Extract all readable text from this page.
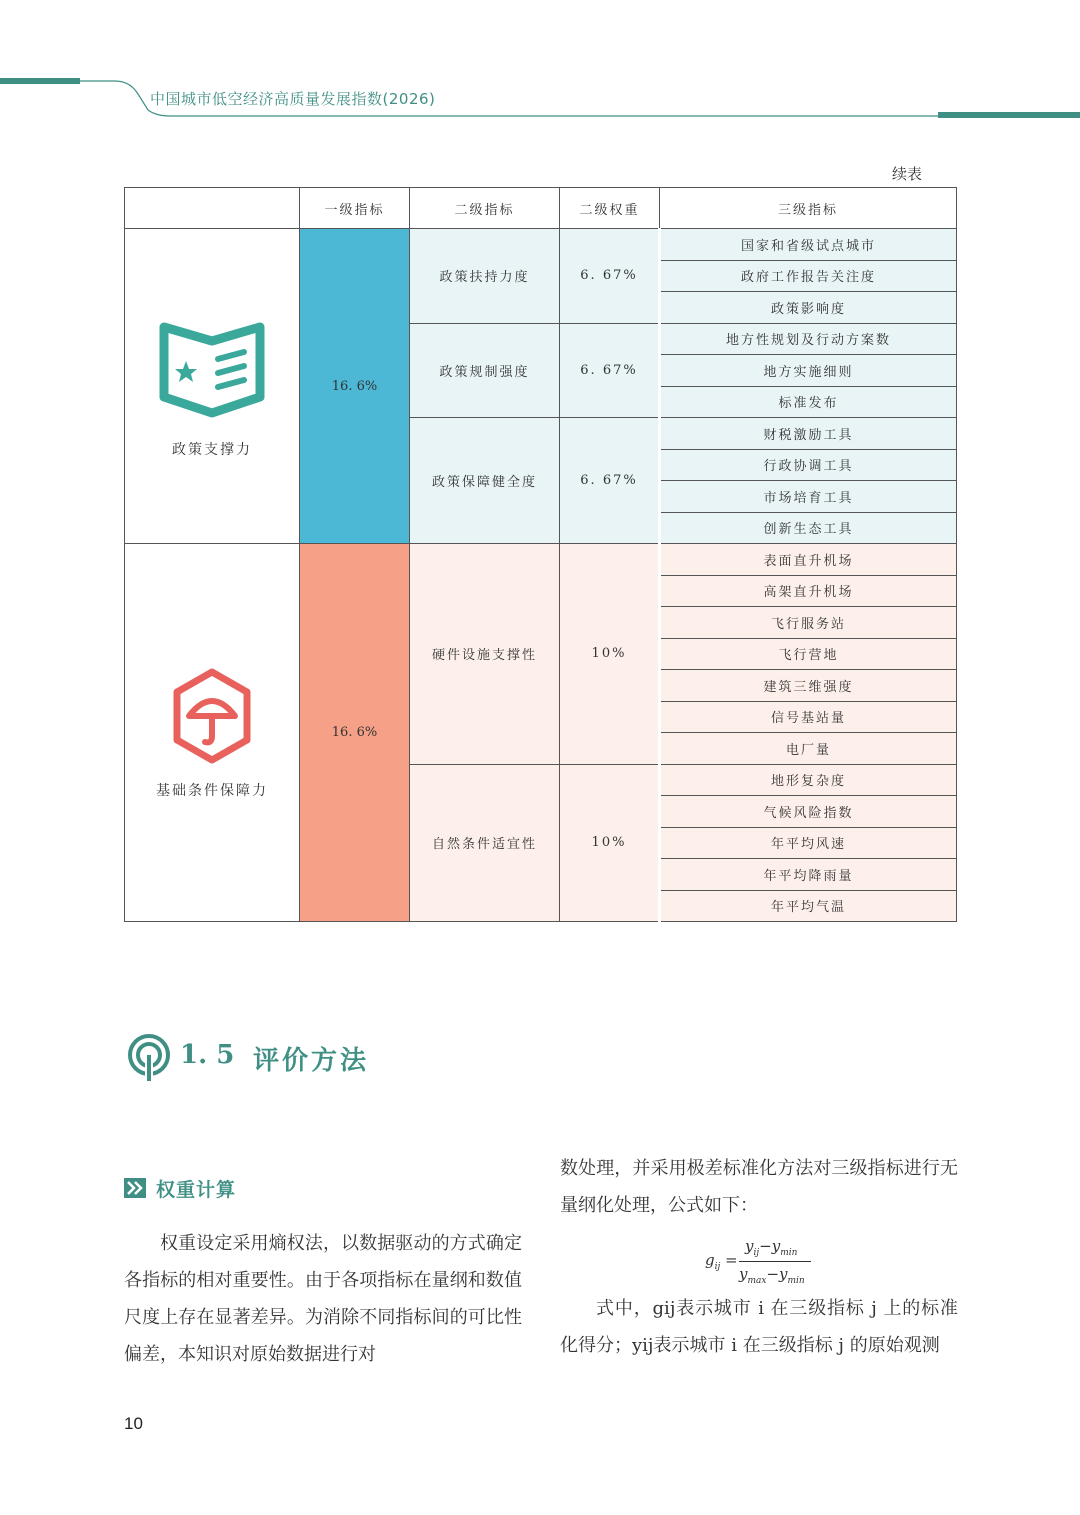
中国城市低空经济高质量发展指数(2026)
续表
	一级指标	二级指标	二级权重	三级指标

政策支撑力	16. 6%	政策扶持力度	6. 67%	国家和省级试点城市
				政府工作报告关注度
				政策影响度
		政策规制强度	6. 67%	地方性规划及行动方案数
				地方实施细则
				标准发布
		政策保障健全度	6. 67%	财税激励工具
				行政协调工具
				市场培育工具
				创新生态工具

基础条件保障力	16. 6%	硬件设施支撑性	10%	表面直升机场
				高架直升机场
				飞行服务站
				飞行营地
				建筑三维强度
				信号基站量
				电厂量
		自然条件适宜性	10%	地形复杂度
				气候风险指数
				年平均风速
				年平均降雨量
				年平均气温
1. 5 评价方法
权重计算

权重设定采用熵权法，以数据驱动的方式确定各指标的相对重要性。由于各项指标在量纲和数值尺度上存在显著差异。为消除不同指标间的可比性偏差，本知识对原始数据进行对

数处理，并采用极差标准化方法对三级指标进行无量纲化处理，公式如下：

$g_{ij}$ =
$y_{ij}-y_{min}$
$y_{max}-y_{min}$

式中，gij表示城市 i 在三级指标 j 上的标准化得分；yij表示城市 i 在三级指标 j 的原始观测

10
